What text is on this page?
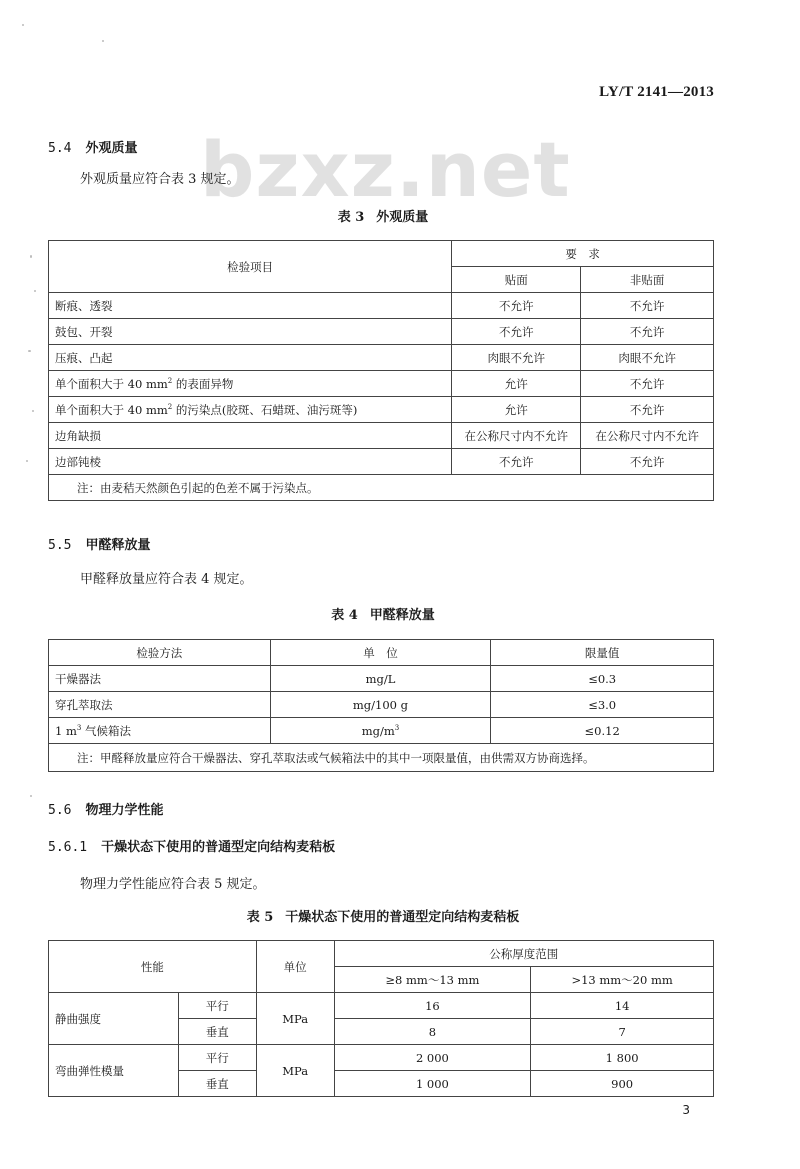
bzxz.net
LY/T 2141—2013
5.4 外观质量
外观质量应符合表 3 规定。
表 3 外观质量
检验项目	要　求	
	贴面	非贴面
断痕、透裂	不允许	不允许
鼓包、开裂	不允许	不允许
压痕、凸起	肉眼不允许	肉眼不允许
单个面积大于 40 $mm^2$ 的表面异物	允许	不允许
单个面积大于 40 $mm^2$ 的污染点(胶斑、石蜡斑、油污斑等)	允许	不允许
边角缺损	在公称尺寸内不允许	在公称尺寸内不允许
边部钝棱	不允许	不允许
注：由麦秸天然颜色引起的色差不属于污染点。		
5.5 甲醛释放量
甲醛释放量应符合表 4 规定。
表 4 甲醛释放量
检验方法	单　位	限量值
干燥器法	mg/L	≤0.3
穿孔萃取法	mg/100 g	≤3.0
1 $m^3$ 气候箱法	$mg/m^3$	≤0.12
注：甲醛释放量应符合干燥器法、穿孔萃取法或气候箱法中的其中一项限量值，由供需双方协商选择。		
5.6 物理力学性能
5.6.1 干燥状态下使用的普通型定向结构麦秸板
物理力学性能应符合表 5 规定。
表 5 干燥状态下使用的普通型定向结构麦秸板
性能		单位	公称厚度范围	
			≥8 mm～13 mm	>13 mm～20 mm
静曲强度	平行	MPa	16	14
	垂直		8	7
弯曲弹性模量	平行	MPa	2 000	1 800
	垂直		1 000	900
3
